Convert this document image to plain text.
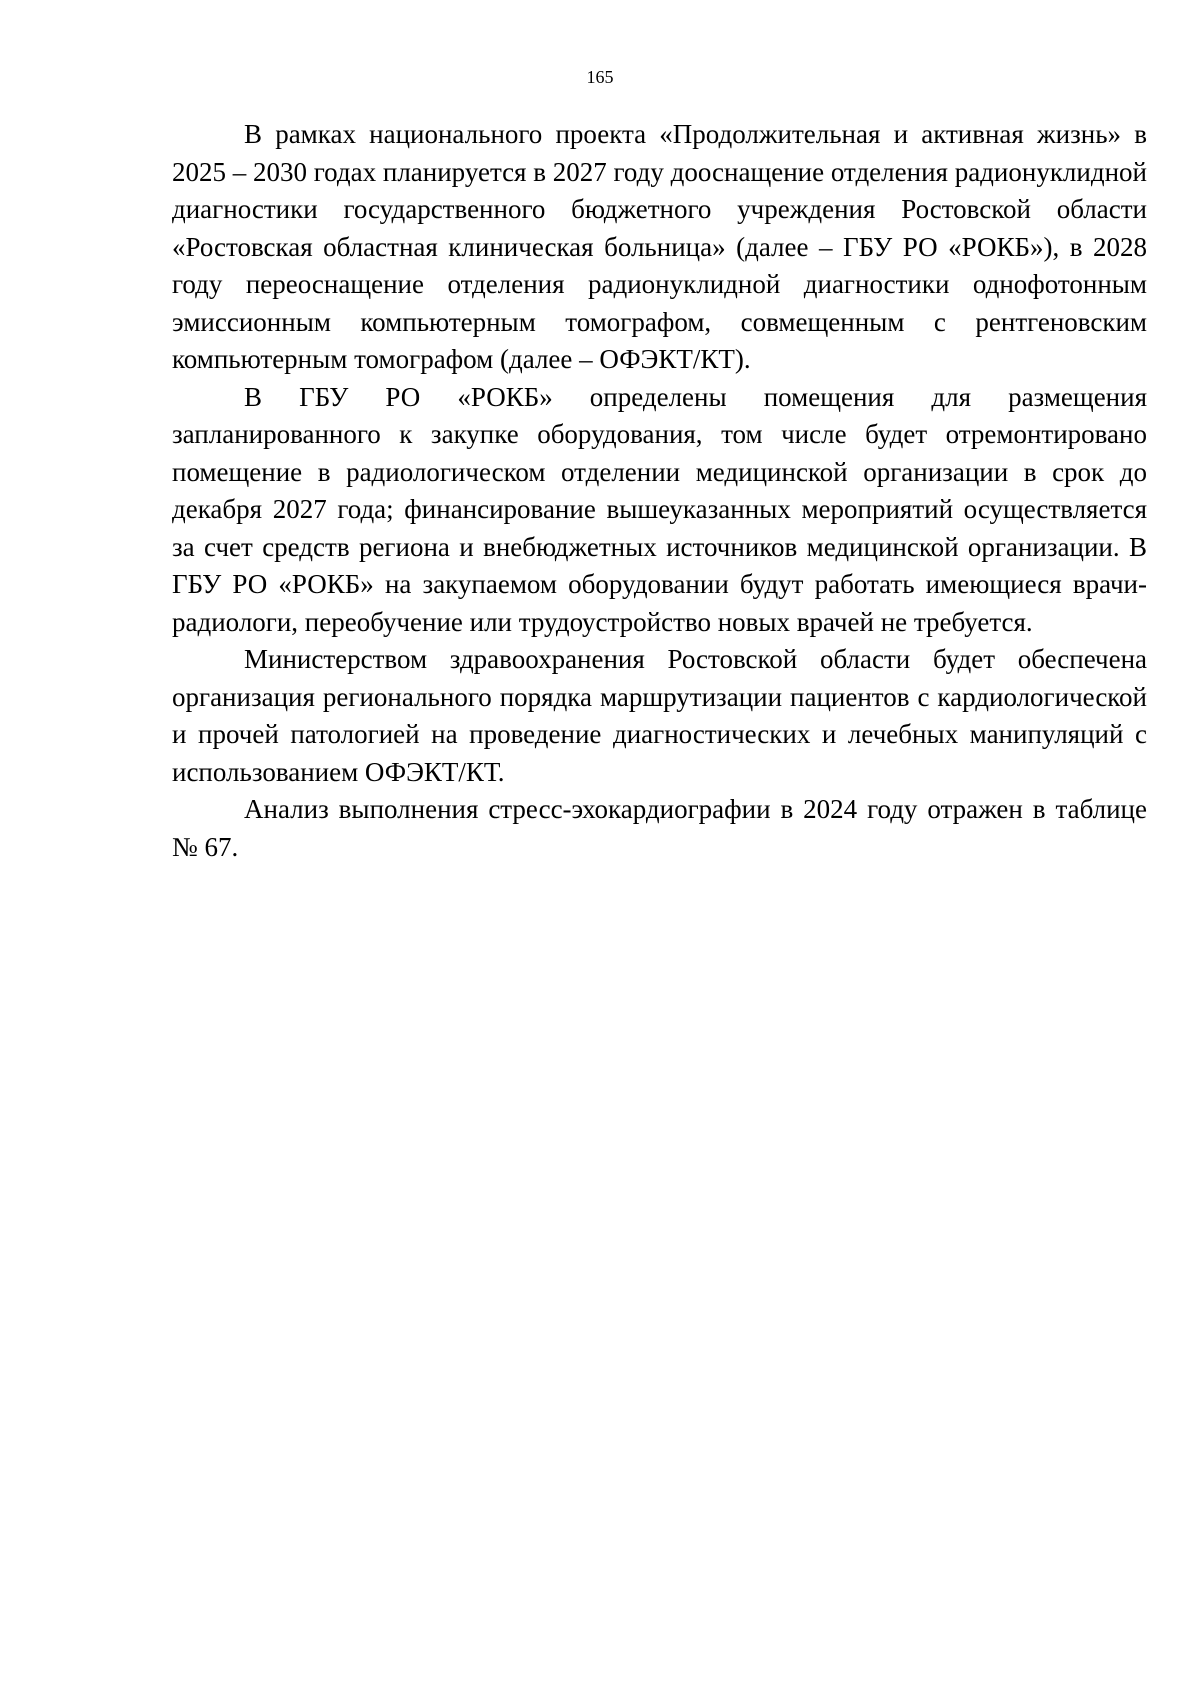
165

В рамках национального проекта «Продолжительная и активная жизнь» в 2025 – 2030 годах планируется в 2027 году дооснащение отделения радионуклидной диагностики государственного бюджетного учреждения Ростовской области «Ростовская областная клиническая больница» (далее – ГБУ РО «РОКБ»), в 2028 году переоснащение отделения радионуклидной диагностики однофотонным эмиссионным компьютерным томографом, совмещенным с рентгеновским компьютерным томографом (далее – ОФЭКТ/КТ).

В ГБУ РО «РОКБ» определены помещения для размещения запланированного к закупке оборудования, том числе будет отремонтировано помещение в радиологическом отделении медицинской организации в срок до декабря 2027 года; финансирование вышеуказанных мероприятий осуществляется за счет средств региона и внебюджетных источников медицинской организации. В ГБУ РО «РОКБ» на закупаемом оборудовании будут работать имеющиеся врачи-радиологи, переобучение или трудоустройство новых врачей не требуется.

Министерством здравоохранения Ростовской области будет обеспечена организация регионального порядка маршрутизации пациентов с кардиологической и прочей патологией на проведение диагностических и лечебных манипуляций с использованием ОФЭКТ/КТ.

Анализ выполнения стресс-эхокардиографии в 2024 году отражен в таблице № 67.
